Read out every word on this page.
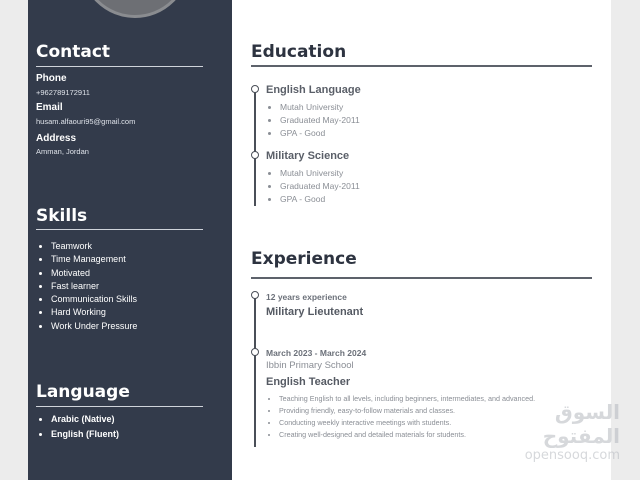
Contact
Phone
+962789172911
Email
husam.alfaouri95@gmail.com
Address
Amman, Jordan
Skills
• Teamwork
• Time Management
• Motivated
• Fast learner
• Communication Skills
• Hard Working
• Work Under Pressure
Language
• Arabic (Native)
• English (Fluent)
Education
English Language
• Mutah University
• Graduated May-2011
• GPA - Good
Military Science
• Mutah University
• Graduated May-2011
• GPA - Good
Experience
12 years experience
Military Lieutenant
March 2023 - March 2024
Ibbin Primary School
English Teacher
• Teaching English to all levels, including beginners, intermediates, and advanced.
• Providing friendly, easy-to-follow materials and classes.
• Conducting weekly interactive meetings with students.
• Creating well-designed and detailed materials for students.
السوق المفتوح
opensooq.com
